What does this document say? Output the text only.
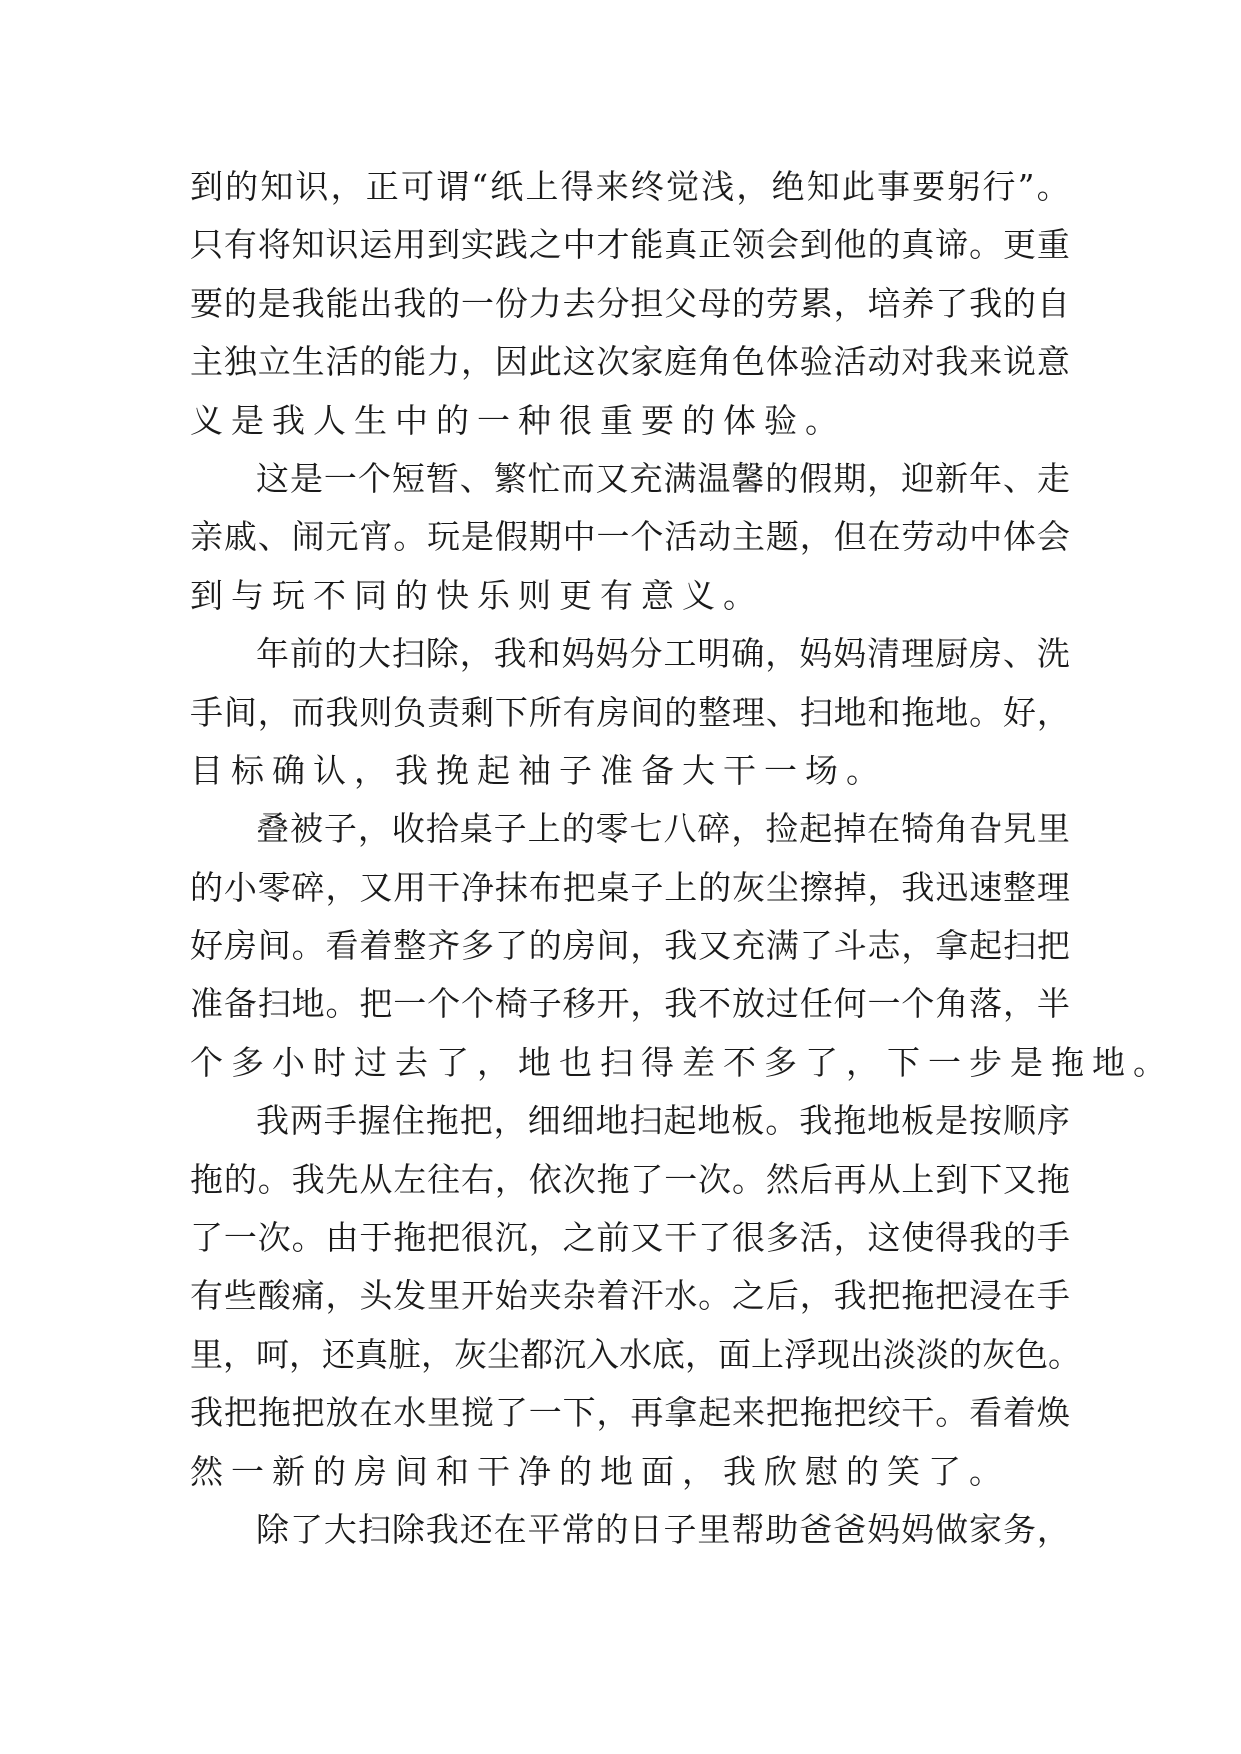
到 的 知 识 ， 正 可 谓 “ 纸 上 得 来 终 觉 浅 ， 绝 知 此 事 要 躬 行 ” 。
只 有 将 知 识 运 用 到 实 践 之 中 才 能 真 正 领 会 到 他 的 真 谛 。 更 重
要 的 是 我 能 出 我 的 一 份 力 去 分 担 父 母 的 劳 累 ， 培 养 了 我 的 自
主 独 立 生 活 的 能 力 ， 因 此 这 次 家 庭 角 色 体 验 活 动 对 我 来 说 意
义是我人生中的一种很重要的体验。
这 是 一 个 短 暂 、 繁 忙 而 又 充 满 温 馨 的 假 期 ， 迎 新 年 、 走
亲 戚 、 闹 元 宵 。 玩 是 假 期 中 一 个 活 动 主 题 ， 但 在 劳 动 中 体 会
到与玩不同的快乐则更有意义。
年 前 的 大 扫 除 ， 我 和 妈 妈 分 工 明 确 ， 妈 妈 清 理 厨 房 、 洗
手 间 ， 而 我 则 负 责 剩 下 所 有 房 间 的 整 理 、 扫 地 和 拖 地 。 好 ，
目标确认，我挽起袖子准备大干一场。
叠 被 子 ， 收 拾 桌 子 上 的 零 七 八 碎 ， 捡 起 掉 在 犄 角 旮 旯 里
的 小 零 碎 ， 又 用 干 净 抹 布 把 桌 子 上 的 灰 尘 擦 掉 ， 我 迅 速 整 理
好 房 间 。 看 着 整 齐 多 了 的 房 间 ， 我 又 充 满 了 斗 志 ， 拿 起 扫 把
准 备 扫 地 。 把 一 个 个 椅 子 移 开 ， 我 不 放 过 任 何 一 个 角 落 ， 半
个多小时过去了，地也扫得差不多了，下一步是拖地。
我 两 手 握 住 拖 把 ， 细 细 地 扫 起 地 板 。 我 拖 地 板 是 按 顺 序
拖 的 。 我 先 从 左 往 右 ， 依 次 拖 了 一 次 。 然 后 再 从 上 到 下 又 拖
了 一 次 。 由 于 拖 把 很 沉 ， 之 前 又 干 了 很 多 活 ， 这 使 得 我 的 手
有 些 酸 痛 ， 头 发 里 开 始 夹 杂 着 汗 水 。 之 后 ， 我 把 拖 把 浸 在 手
里 ， 呵 ， 还 真 脏 ， 灰 尘 都 沉 入 水 底 ， 面 上 浮 现 出 淡 淡 的 灰 色 。
我 把 拖 把 放 在 水 里 搅 了 一 下 ， 再 拿 起 来 把 拖 把 绞 干 。 看 着 焕
然一新的房间和干净的地面，我欣慰的笑了。
除 了 大 扫 除 我 还 在 平 常 的 日 子 里 帮 助 爸 爸 妈 妈 做 家 务 ，
